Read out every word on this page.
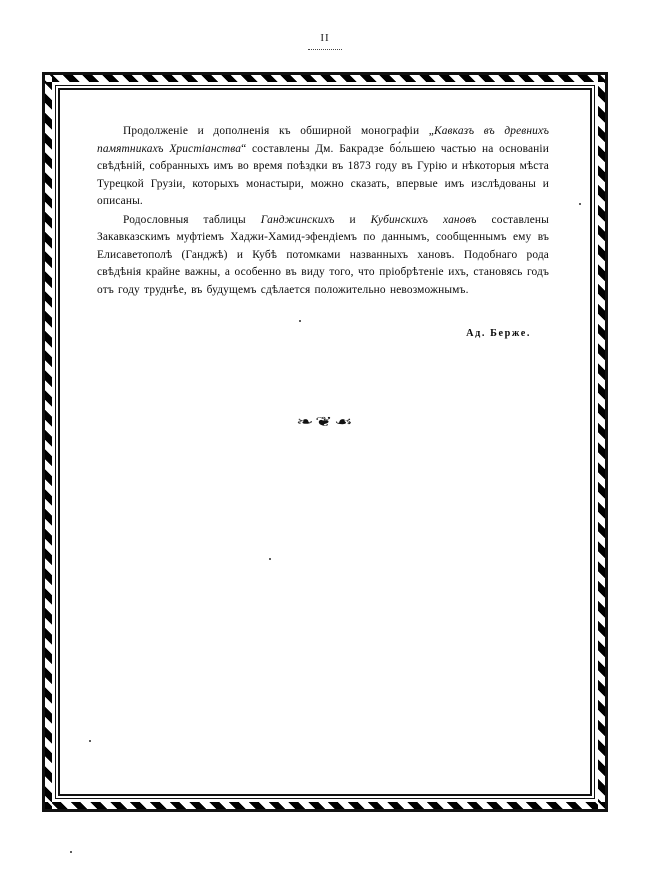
II

Продолженіе и дополненія къ обширной монографіи „Кавказъ въ древнихъ памятникахъ Христіанства“ составлены Дм. Бакрадзе бо́льшею частью на основаніи свѣдѣній, собранныхъ имъ во время поѣздки въ 1873 году въ Гурію и нѣкоторыя мѣста Турецкой Грузіи, которыхъ монастыри, можно сказать, впервые имъ изслѣдованы и описаны.

Родословныя таблицы Ганджинскихъ и Кубинскихъ хановъ составлены Закавказскимъ муфтіемъ Хаджи-Хамид-эфендіемъ по даннымъ, сообщеннымъ ему въ Елисаветополѣ (Ганджѣ) и Кубѣ потомками названныхъ хановъ. Подобнаго рода свѣдѣнія крайне важны, а особенно въ виду того, что пріобрѣтеніе ихъ, становясь годъ отъ году труднѣе, въ будущемъ сдѣлается положительно невозможнымъ.

Ад. Берже.
❧❦☙
